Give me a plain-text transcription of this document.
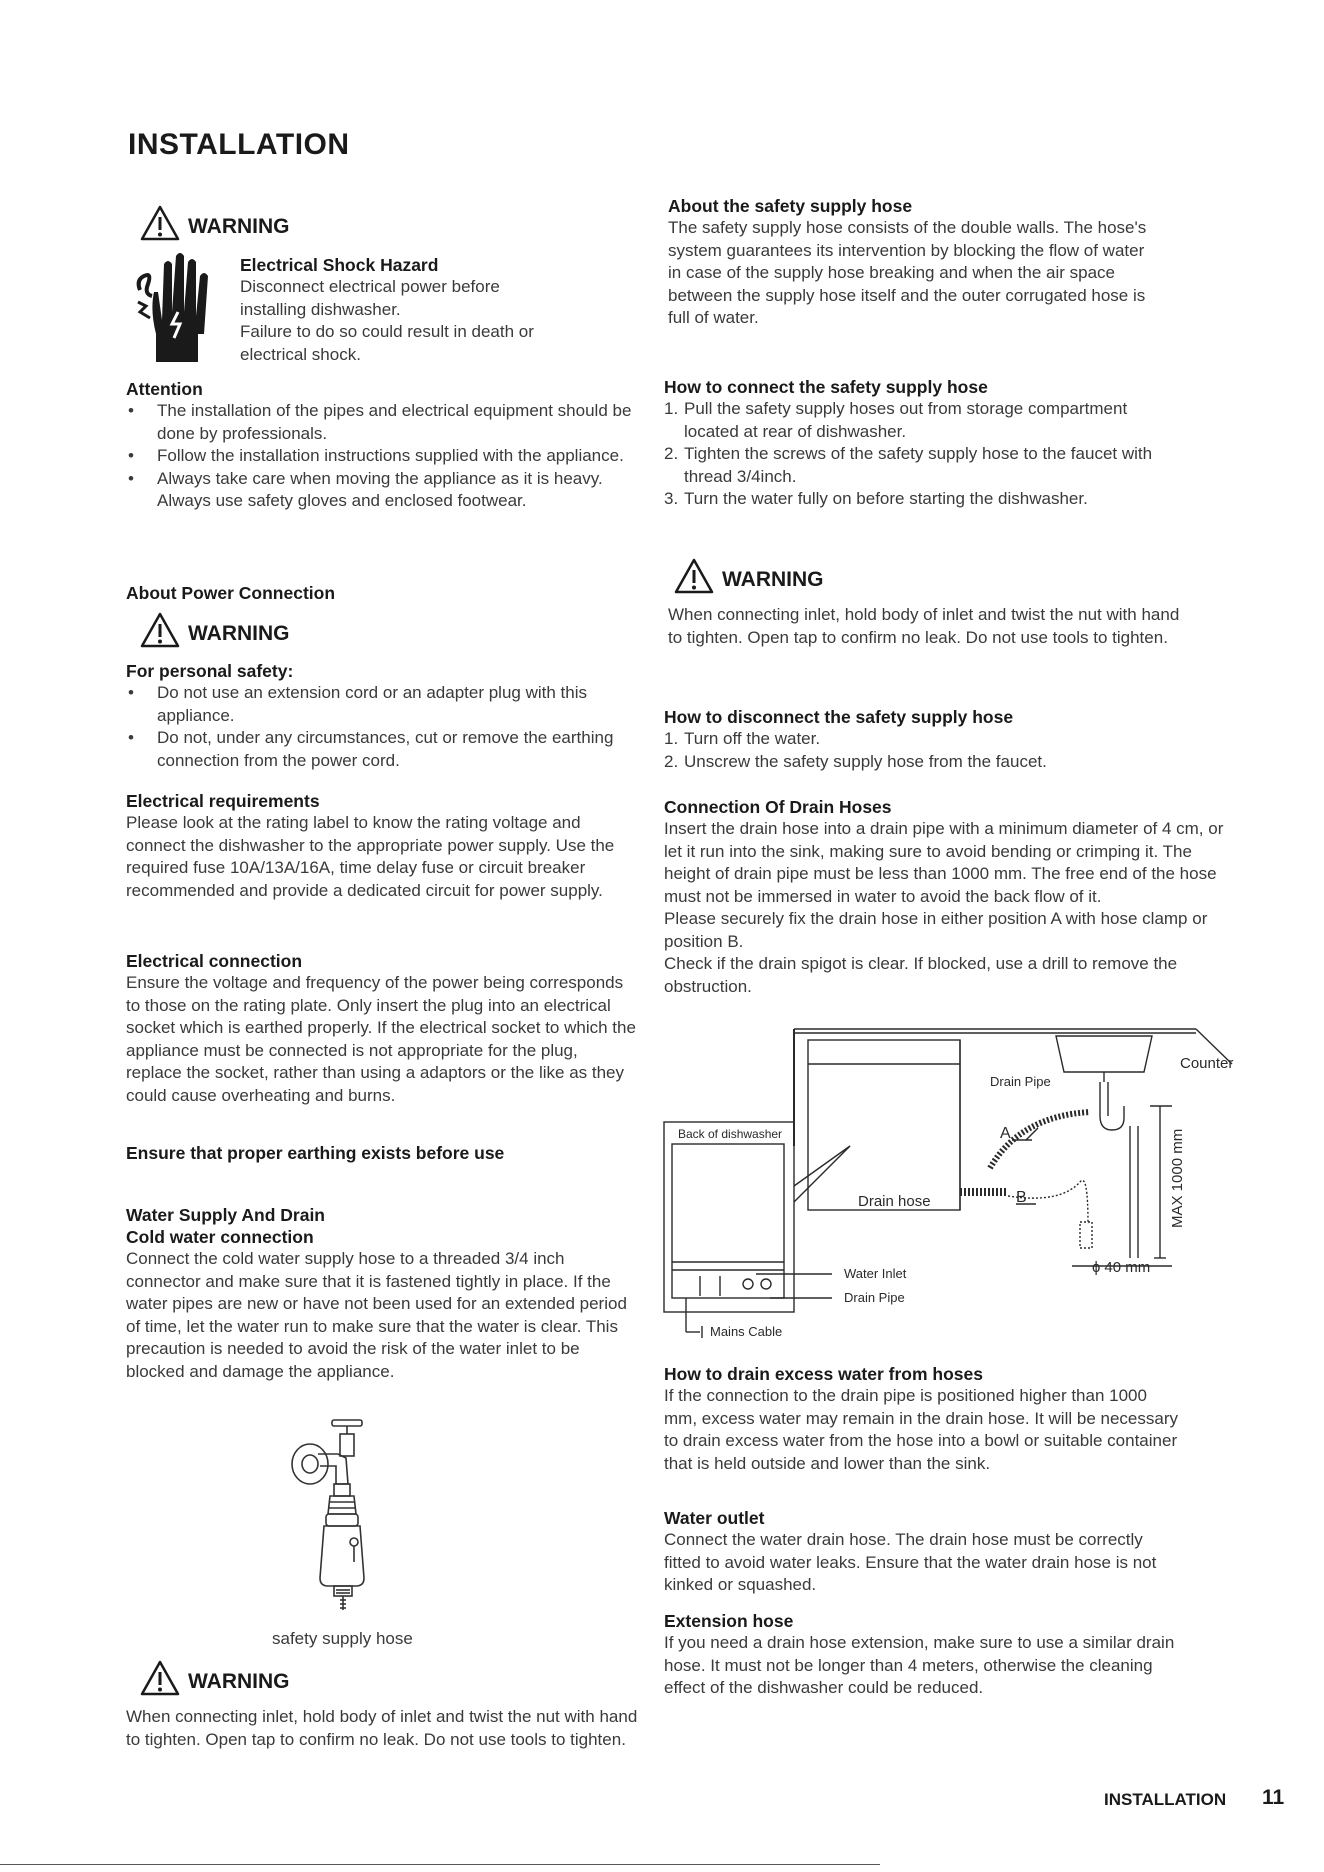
INSTALLATION
WARNING
Electrical Shock Hazard
Disconnect electrical power before
installing dishwasher.
Failure to do so could result in death or
electrical shock.
Attention
• The installation of the pipes and electrical equipment should be done by professionals.
• Follow the installation instructions supplied with the appliance.
• Always take care when moving the appliance as it is heavy. Always use safety gloves and enclosed footwear.
About Power Connection
WARNING
For personal safety:
• Do not use an extension cord or an adapter plug with this appliance.
• Do not, under any circumstances, cut or remove the earthing connection from the power cord.
Electrical requirements
Please look at the rating label to know the rating voltage and connect the dishwasher to the appropriate power supply. Use the required fuse 10A/13A/16A, time delay fuse or circuit breaker recommended and provide a dedicated circuit for power supply.
Electrical connection
Ensure the voltage and frequency of the power being corresponds to those on the rating plate. Only insert the plug into an electrical socket which is earthed properly. If the electrical socket to which the appliance must be connected is not appropriate for the plug, replace the socket, rather than using a adaptors or the like as they could cause overheating and burns.
Ensure that proper earthing exists before use
Water Supply And Drain
Cold water connection
Connect the cold water supply hose to a threaded 3/4 inch connector and make sure that it is fastened tightly in place. If the water pipes are new or have not been used for an extended period of time, let the water run to make sure that the water is clear. This precaution is needed to avoid the risk of the water inlet to be blocked and damage the appliance.
safety supply hose
WARNING
When connecting inlet, hold body of inlet and twist the nut with hand to tighten. Open tap to confirm no leak. Do not use tools to tighten.
About the safety supply hose
The safety supply hose consists of the double walls. The hose's system guarantees its intervention by blocking the flow of water in case of the supply hose breaking and when the air space between the supply hose itself and the outer corrugated hose is full of water.
How to connect the safety supply hose
1. Pull the safety supply hoses out from storage compartment located at rear of dishwasher.
2. Tighten the screws of the safety supply hose to the faucet with thread 3/4inch.
3. Turn the water fully on before starting the dishwasher.
WARNING
When connecting inlet, hold body of inlet and twist the nut with hand to tighten. Open tap to confirm no leak. Do not use tools to tighten.
How to disconnect the safety supply hose
1. Turn off the water.
2. Unscrew the safety supply hose from the faucet.
Connection Of Drain Hoses
Insert the drain hose into a drain pipe with a minimum diameter of 4 cm, or let it run into the sink, making sure to avoid bending or crimping it. The height of drain pipe must be less than 1000 mm. The free end of the hose must not be immersed in water to avoid the back flow of it.
Please securely fix the drain hose in either position A with hose clamp or position B.
Check if the drain spigot is clear. If blocked, use a drill to remove the obstruction.
Counter
Drain Pipe
Back of dishwasher
Drain hose
A
B	MAX 1000 mm
ɸ 40 mm
Water Inlet
Drain Pipe
Mains Cable
How to drain excess water from hoses
If the connection to the drain pipe is positioned higher than 1000 mm, excess water may remain in the drain hose. It will be necessary to drain excess water from the hose into a bowl or suitable container that is held outside and lower than the sink.
Water outlet
Connect the water drain hose. The drain hose must be correctly fitted to avoid water leaks. Ensure that the water drain hose is not kinked or squashed.
Extension hose
If you need a drain hose extension, make sure to use a similar drain hose. It must not be longer than 4 meters, otherwise the cleaning effect of the dishwasher could be reduced.
INSTALLATION 11
